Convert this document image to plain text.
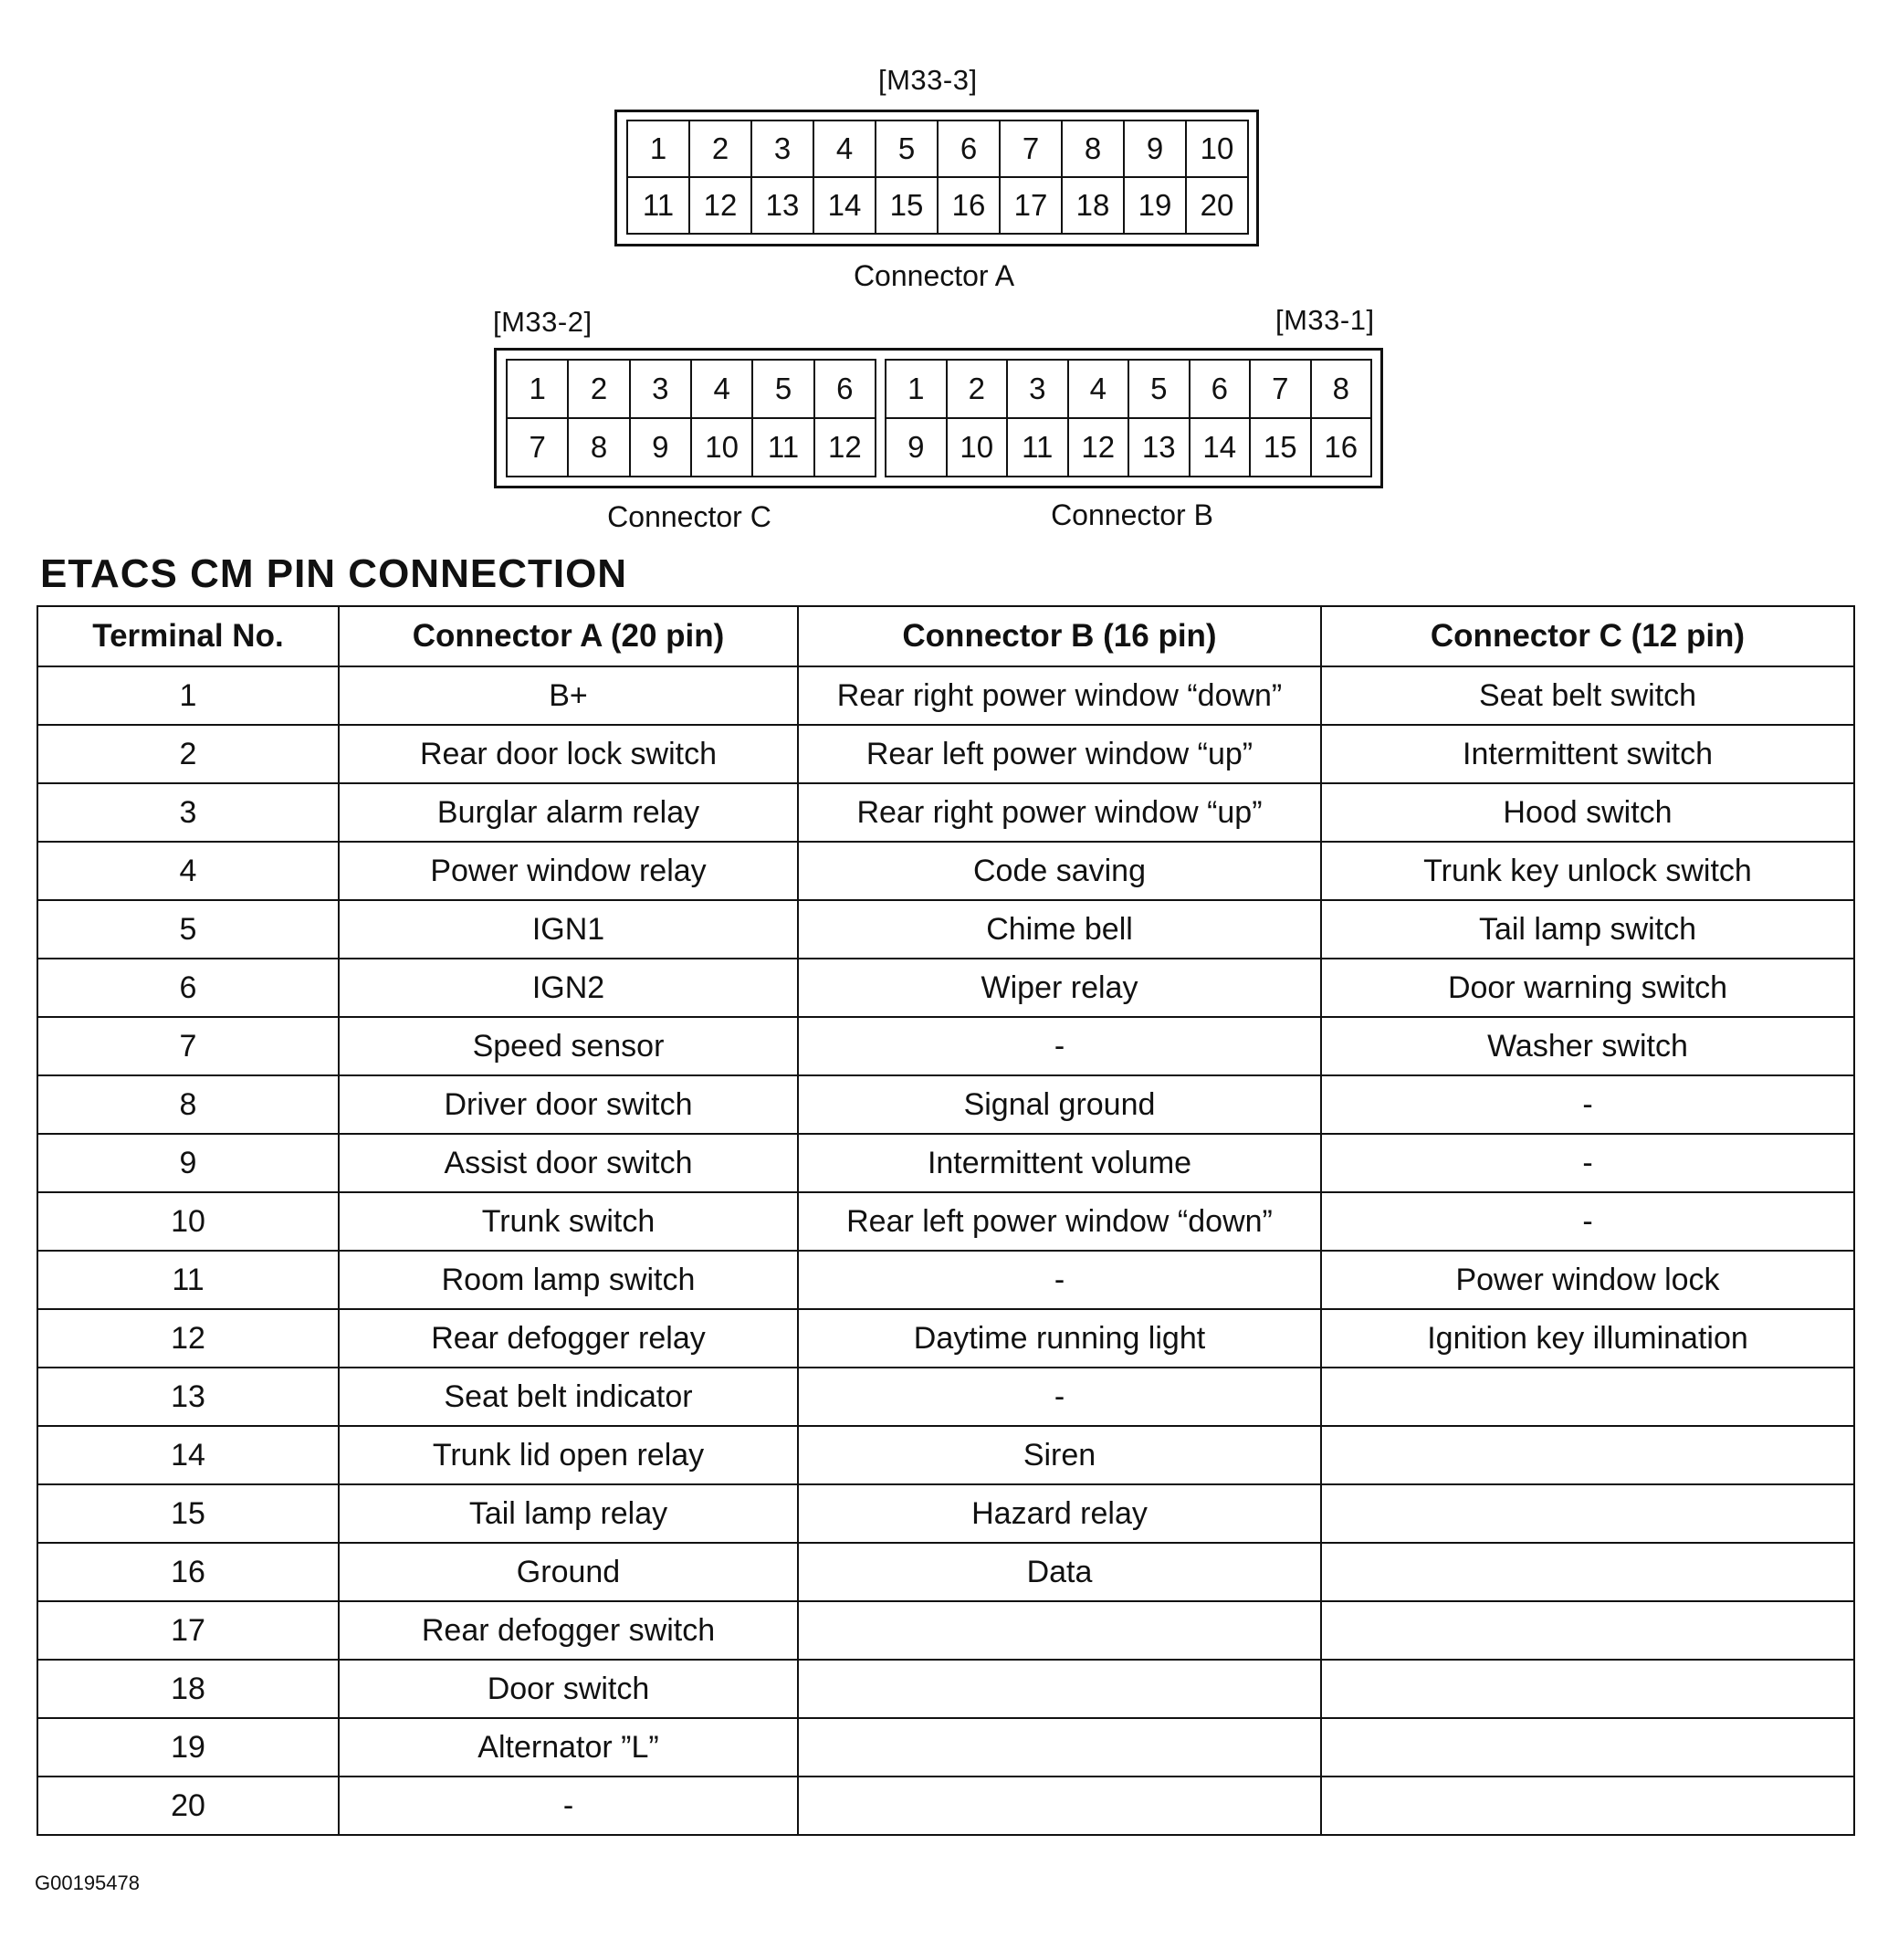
[M33-3]
1	2	3	4	5	6	7	8	9	10
11 12 13 14 15 16 17 18 19 20
Connector A
[M33-2]	[M33-1]
1	2	3	4	5	6
7	8	9	10 11 12
1	2	3	4	5	6	7	8
9	10 11 12 13 14 15 16
Connector C	Connector B
ETACS CM PIN CONNECTION
Terminal No.	Connector A (20 pin)	Connector B (16 pin)	Connector C (12 pin)
1	B+	Rear right power window “down”	Seat belt switch
2	Rear door lock switch	Rear left power window “up”	Intermittent switch
3	Burglar alarm relay	Rear right power window “up”	Hood switch
4	Power window relay	Code saving	Trunk key unlock switch
5	IGN1	Chime bell	Tail lamp switch
6	IGN2	Wiper relay	Door warning switch
7	Speed sensor	-	Washer switch
8	Driver door switch	Signal ground	-
9	Assist door switch	Intermittent volume	-
10	Trunk switch	Rear left power window “down”	-
11	Room lamp switch	-	Power window lock
12	Rear defogger relay	Daytime running light	Ignition key illumination
13	Seat belt indicator	-	
14	Trunk lid open relay	Siren	
15	Tail lamp relay	Hazard relay	
16	Ground	Data	
17	Rear defogger switch		
18	Door switch		
19	Alternator ”L”		
20	-		
G00195478
